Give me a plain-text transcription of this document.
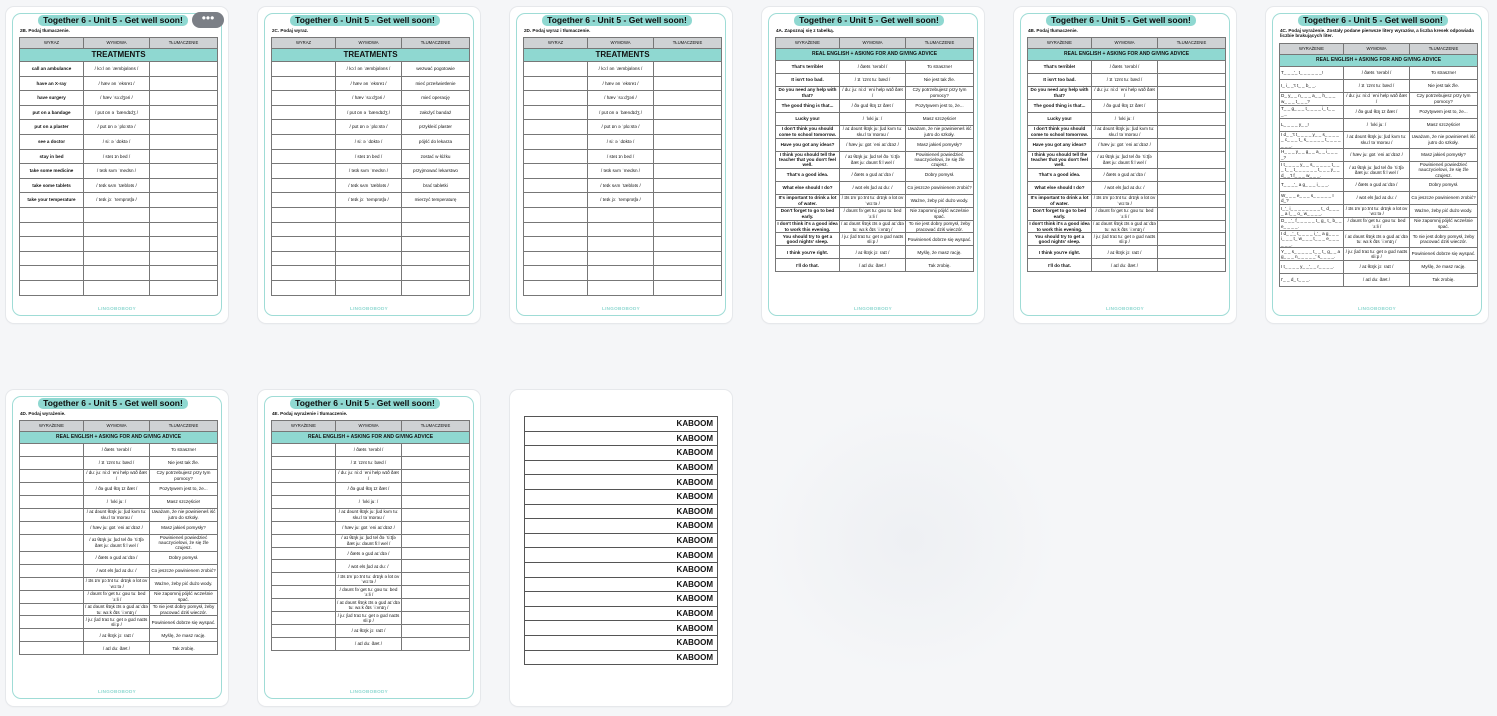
Together 6 - Unit 5 - Get well soon!
2B. Podaj tłumaczenie.
WYRAZ	WYMOWA	TŁUMACZENIE
TREATMENTS		
call an ambulance	/ kɔːl ən ˈæmbjələns /	
have an X-ray	/ hæv ən ˈeksreɪ /	
have surgery	/ hæv ˈsɜːdʒəri /	
put on a bandage	/ pʊt ɒn ə ˈbændɪdʒ /	
put on a plaster	/ pʊt ɒn ə ˈplɑːstə /	
see a doctor	/ siː ə ˈdɒktə /	
stay in bed	/ steɪ ɪn bed /	
take some medicine	/ teɪk sʌm ˈmedsn /	
take some tablets	/ teɪk sʌm ˈtæbləts /	
take your temperature	/ teɪk jɔː ˈtemprətʃə /	

LINGOBOBODY
Together 6 - Unit 5 - Get well soon!
2C. Podaj wyraz.
WYRAZ	WYMOWA	TŁUMACZENIE
TREATMENTS		
	/ kɔːl ən ˈæmbjələns /	wezwać pogotowie
	/ hæv ən ˈeksreɪ /	mieć prześwietlenie
	/ hæv ˈsɜːdʒəri /	mieć operację
	/ pʊt ɒn ə ˈbændɪdʒ /	założyć bandaż
	/ pʊt ɒn ə ˈplɑːstə /	przykleić plaster
	/ siː ə ˈdɒktə /	pójść do lekarza
	/ steɪ ɪn bed /	zostać w łóżku
	/ teɪk sʌm ˈmedsn /	przyjmować lekarstwo
	/ teɪk sʌm ˈtæbləts /	brać tabletki
	/ teɪk jɔː ˈtemprətʃə /	mierzyć temperaturę

LINGOBOBODY
Together 6 - Unit 5 - Get well soon!
2D. Podaj wyraz i tłumaczenie.
WYRAZ	WYMOWA	TŁUMACZENIE
TREATMENTS		
	/ kɔːl ən ˈæmbjələns /	
	/ hæv ən ˈeksreɪ /	
	/ hæv ˈsɜːdʒəri /	
	/ pʊt ɒn ə ˈbændɪdʒ /	
	/ pʊt ɒn ə ˈplɑːstə /	
	/ siː ə ˈdɒktə /	
	/ steɪ ɪn bed /	
	/ teɪk sʌm ˈmedsn /	
	/ teɪk sʌm ˈtæbləts /	
	/ teɪk jɔː ˈtemprətʃə /	

LINGOBOBODY
Together 6 - Unit 5 - Get well soon!
4A. Zapoznaj się z tabelką.
WYRAŻENIE	WYMOWA	TŁUMACZENIE
REAL ENGLISH + ASKING FOR AND GIVING ADVICE		
That's terrible!	/ ðæts ˈterəbl /	To straszne!
It isn't too bad.	/ ɪt ˈɪznt tuː bæd /	Nie jest tak źle.
Do you need any help with that?	/ duː juː niːd ˈeni help wɪð ðæt /	Czy potrzebujesz przy tym pomocy?
The good thing is that...	/ ðə gʊd θɪŋ ɪz ðæt /	Pozytywem jest to, że...
Lucky you!	/ ˈlʌki juː /	Masz szczęście!
I don't think you should come to school tomorrow.	/ aɪ dəʊnt θɪŋk juː ʃʊd kʌm tuː skuːl təˈmɒrəʊ /	Uważam, że nie powinieneś iść jutro do szkoły.
Have you got any ideas?	/ hæv juː gɒt ˈeni aɪˈdɪəz /	Masz jakieś pomysły?
I think you should tell the teacher that you don't feel well.	/ aɪ θɪŋk juː ʃʊd tel ðə ˈtiːtʃə ðæt juː dəʊnt fiːl wel /	Powinieneś powiedzieć nauczycielowi, że się źle czujesz.
That's a good idea.	/ ðæts ə gʊd aɪˈdɪə /	Dobry pomysł.
What else should I do?	/ wɒt els ʃʊd aɪ duː /	Co jeszcze powinienem zrobić?
It's important to drink a lot of water.	/ ɪts ɪmˈpɔːtnt tuː drɪŋk ə lɒt ɒv ˈwɔːtə /	Ważne, żeby pić dużo wody.
Don't forget to go to bed early.	/ dəʊnt fəˈget tuː gəʊ tuː bed ˈɜːli /	Nie zapomnij pójść wcześnie spać.
I don't think it's a good idea to work this evening.	/ aɪ dəʊnt θɪŋk ɪts ə gʊd aɪˈdɪə tuː wɜːk ðɪs ˈiːvnɪŋ /	To nie jest dobry pomysł, żeby pracować dziś wieczór.
You should try to get a good nights' sleep.	/ juː ʃʊd traɪ tuː get ə gʊd naɪts sliːp /	Powinieneś dobrze się wyspać.
I think you're right.	/ aɪ θɪŋk jɔː raɪt /	Myślę, że masz rację.
I'll do that.	/ aɪl duː ðæt /	Tak zrobię.
LINGOBOBODY
Together 6 - Unit 5 - Get well soon!
4B. Podaj tłumaczenie.
WYRAŻENIE	WYMOWA	TŁUMACZENIE
REAL ENGLISH + ASKING FOR AND GIVING ADVICE		
That's terrible!	/ ðæts ˈterəbl /	
It isn't too bad.	/ ɪt ˈɪznt tuː bæd /	
Do you need any help with that?	/ duː juː niːd ˈeni help wɪð ðæt /	
The good thing is that...	/ ðə gʊd θɪŋ ɪz ðæt /	
Lucky you!	/ ˈlʌki juː /	
I don't think you should come to school tomorrow.	/ aɪ dəʊnt θɪŋk juː ʃʊd kʌm tuː skuːl təˈmɒrəʊ /	
Have you got any ideas?	/ hæv juː gɒt ˈeni aɪˈdɪəz /	
I think you should tell the teacher that you don't feel well.	/ aɪ θɪŋk juː ʃʊd tel ðə ˈtiːtʃə ðæt juː dəʊnt fiːl wel /	
That's a good idea.	/ ðæts ə gʊd aɪˈdɪə /	
What else should I do?	/ wɒt els ʃʊd aɪ duː /	
It's important to drink a lot of water.	/ ɪts ɪmˈpɔːtnt tuː drɪŋk ə lɒt ɒv ˈwɔːtə /	
Don't forget to go to bed early.	/ dəʊnt fəˈget tuː gəʊ tuː bed ˈɜːli /	
I don't think it's a good idea to work this evening.	/ aɪ dəʊnt θɪŋk ɪts ə gʊd aɪˈdɪə tuː wɜːk ðɪs ˈiːvnɪŋ /	
You should try to get a good nights' sleep.	/ juː ʃʊd traɪ tuː get ə gʊd naɪts sliːp /	
I think you're right.	/ aɪ θɪŋk jɔː raɪt /	
I'll do that.	/ aɪl duː ðæt /	
LINGOBOBODY
Together 6 - Unit 5 - Get well soon!
4C. Podaj wyrażenie. Zostały podane pierwsze litery wyrazów, a liczba kresek odpowiada liczbie brakujących liter.
WYRAŻENIE	WYMOWA	TŁUMACZENIE
REAL ENGLISH + ASKING FOR AND GIVING ADVICE		
T_ _ _'_ t_ _ _ _ _ _!	/ ðæts ˈterəbl /	To straszne!
I_ i_ _'t t_ _ b_ _.	/ ɪt ˈɪznt tuː bæd /	Nie jest tak źle.
D_ y_ _ n_ _ _ a_ _ h_ _ _ w_ _ _ t_ _ _?	/ duː juː niːd ˈeni help wɪð ðæt /	Czy potrzebujesz przy tym pomocy?
T_ _ g_ _ _ t_ _ _ _ i_ t_ _ _...	/ ðə gʊd θɪŋ ɪz ðæt /	Pozytywem jest to, że...
L_ _ _ _ y_ _!	/ ˈlʌki juː /	Masz szczęście!
I d_ _'t t_ _ _ _ y_ _ s_ _ _ _ _ c_ _ _ t_ s_ _ _ _ _ t_ _ _ _ _ _ _.	/ aɪ dəʊnt θɪŋk juː ʃʊd kʌm tuː skuːl təˈmɒrəʊ /	Uważam, że nie powinieneś iść jutro do szkoły.
H_ _ _ y_ _ g_ _ a_ _ i_ _ _ _?	/ hæv juː gɒt ˈeni aɪˈdɪəz /	Masz jakieś pomysły?
I t_ _ _ _ y_ _ s_ _ _ _ _ t_ _ _ t_ _ t_ _ _ _ _ _ t_ _ _ y_ _ d_ _'t f_ _ _ w_ _ _.	/ aɪ θɪŋk juː ʃʊd tel ðə ˈtiːtʃə ðæt juː dəʊnt fiːl wel /	Powinieneś powiedzieć nauczycielowi, że się źle czujesz.
T_ _ _'_ a g_ _ _ i_ _ _.	/ ðæts ə gʊd aɪˈdɪə /	Dobry pomysł.
W_ _ _ e_ _ _ s_ _ _ _ _ I d_?	/ wɒt els ʃʊd aɪ duː /	Co jeszcze powinienem zrobić?
I_'_ i_ _ _ _ _ _ _ _ t_ d_ _ _ _ a l_ _ o_ w_ _ _ _.	/ ɪts ɪmˈpɔːtnt tuː drɪŋk ə lɒt ɒv ˈwɔːtə /	Ważne, żeby pić dużo wody.
D_ _'_ f_ _ _ _ _ t_ g_ t_ b_ _ e_ _ _ _.	/ dəʊnt fəˈget tuː gəʊ tuː bed ˈɜːli /	Nie zapomnij pójść wcześnie spać.
I d_ _'_ t_ _ _ _ i_'_ a g_ _ _ i_ _ _ t_ w_ _ _ t_ _ _ e_ _ _ _ _ _.	/ aɪ dəʊnt θɪŋk ɪts ə gʊd aɪˈdɪə tuː wɜːk ðɪs ˈiːvnɪŋ /	To nie jest dobry pomysł, żeby pracować dziś wieczór.
Y_ _ s_ _ _ _ _ t_ _ t_ g_ _ a g_ _ _ n_ _ _ _ _' s_ _ _ _.	/ juː ʃʊd traɪ tuː get ə gʊd naɪts sliːp /	Powinieneś dobrze się wyspać.
I t_ _ _ _ y_ _'_ _ r_ _ _ _.	/ aɪ θɪŋk jɔː raɪt /	Myślę, że masz rację.
I'_ _ d_ t_ _ _.	/ aɪl duː ðæt /	Tak zrobię.
LINGOBOBODY
Together 6 - Unit 5 - Get well soon!
4D. Podaj wyrażenie.
WYRAŻENIE	WYMOWA	TŁUMACZENIE
REAL ENGLISH + ASKING FOR AND GIVING ADVICE		
	/ ðæts ˈterəbl /	To straszne!
	/ ɪt ˈɪznt tuː bæd /	Nie jest tak źle.
	/ duː juː niːd ˈeni help wɪð ðæt /	Czy potrzebujesz przy tym pomocy?
	/ ðə gʊd θɪŋ ɪz ðæt /	Pozytywem jest to, że...
	/ ˈlʌki juː /	Masz szczęście!
	/ aɪ dəʊnt θɪŋk juː ʃʊd kʌm tuː skuːl təˈmɒrəʊ /	Uważam, że nie powinieneś iść jutro do szkoły.
	/ hæv juː gɒt ˈeni aɪˈdɪəz /	Masz jakieś pomysły?
	/ aɪ θɪŋk juː ʃʊd tel ðə ˈtiːtʃə ðæt juː dəʊnt fiːl wel /	Powinieneś powiedzieć nauczycielowi, że się źle czujesz.
	/ ðæts ə gʊd aɪˈdɪə /	Dobry pomysł.
	/ wɒt els ʃʊd aɪ duː /	Co jeszcze powinienem zrobić?
	/ ɪts ɪmˈpɔːtnt tuː drɪŋk ə lɒt ɒv ˈwɔːtə /	Ważne, żeby pić dużo wody.
	/ dəʊnt fəˈget tuː gəʊ tuː bed ˈɜːli /	Nie zapomnij pójść wcześnie spać.
	/ aɪ dəʊnt θɪŋk ɪts ə gʊd aɪˈdɪə tuː wɜːk ðɪs ˈiːvnɪŋ /	To nie jest dobry pomysł, żeby pracować dziś wieczór.
	/ juː ʃʊd traɪ tuː get ə gʊd naɪts sliːp /	Powinieneś dobrze się wyspać.
	/ aɪ θɪŋk jɔː raɪt /	Myślę, że masz rację.
	/ aɪl duː ðæt /	Tak zrobię.
LINGOBOBODY
Together 6 - Unit 5 - Get well soon!
4E. Podaj wyrażenie i tłumaczenie.
WYRAŻENIE	WYMOWA	TŁUMACZENIE
REAL ENGLISH + ASKING FOR AND GIVING ADVICE		
	/ ðæts ˈterəbl /	
	/ ɪt ˈɪznt tuː bæd /	
	/ duː juː niːd ˈeni help wɪð ðæt /	
	/ ðə gʊd θɪŋ ɪz ðæt /	
	/ ˈlʌki juː /	
	/ aɪ dəʊnt θɪŋk juː ʃʊd kʌm tuː skuːl təˈmɒrəʊ /	
	/ hæv juː gɒt ˈeni aɪˈdɪəz /	
	/ aɪ θɪŋk juː ʃʊd tel ðə ˈtiːtʃə ðæt juː dəʊnt fiːl wel /	
	/ ðæts ə gʊd aɪˈdɪə /	
	/ wɒt els ʃʊd aɪ duː /	
	/ ɪts ɪmˈpɔːtnt tuː drɪŋk ə lɒt ɒv ˈwɔːtə /	
	/ dəʊnt fəˈget tuː gəʊ tuː bed ˈɜːli /	
	/ aɪ dəʊnt θɪŋk ɪts ə gʊd aɪˈdɪə tuː wɜːk ðɪs ˈiːvnɪŋ /	
	/ juː ʃʊd traɪ tuː get ə gʊd naɪts sliːp /	
	/ aɪ θɪŋk jɔː raɪt /	
	/ aɪl duː ðæt /	
LINGOBOBODY
•••
KABOOM
KABOOM
KABOOM
KABOOM
KABOOM
KABOOM
KABOOM
KABOOM
KABOOM
KABOOM
KABOOM
KABOOM
KABOOM
KABOOM
KABOOM
KABOOM
KABOOM
